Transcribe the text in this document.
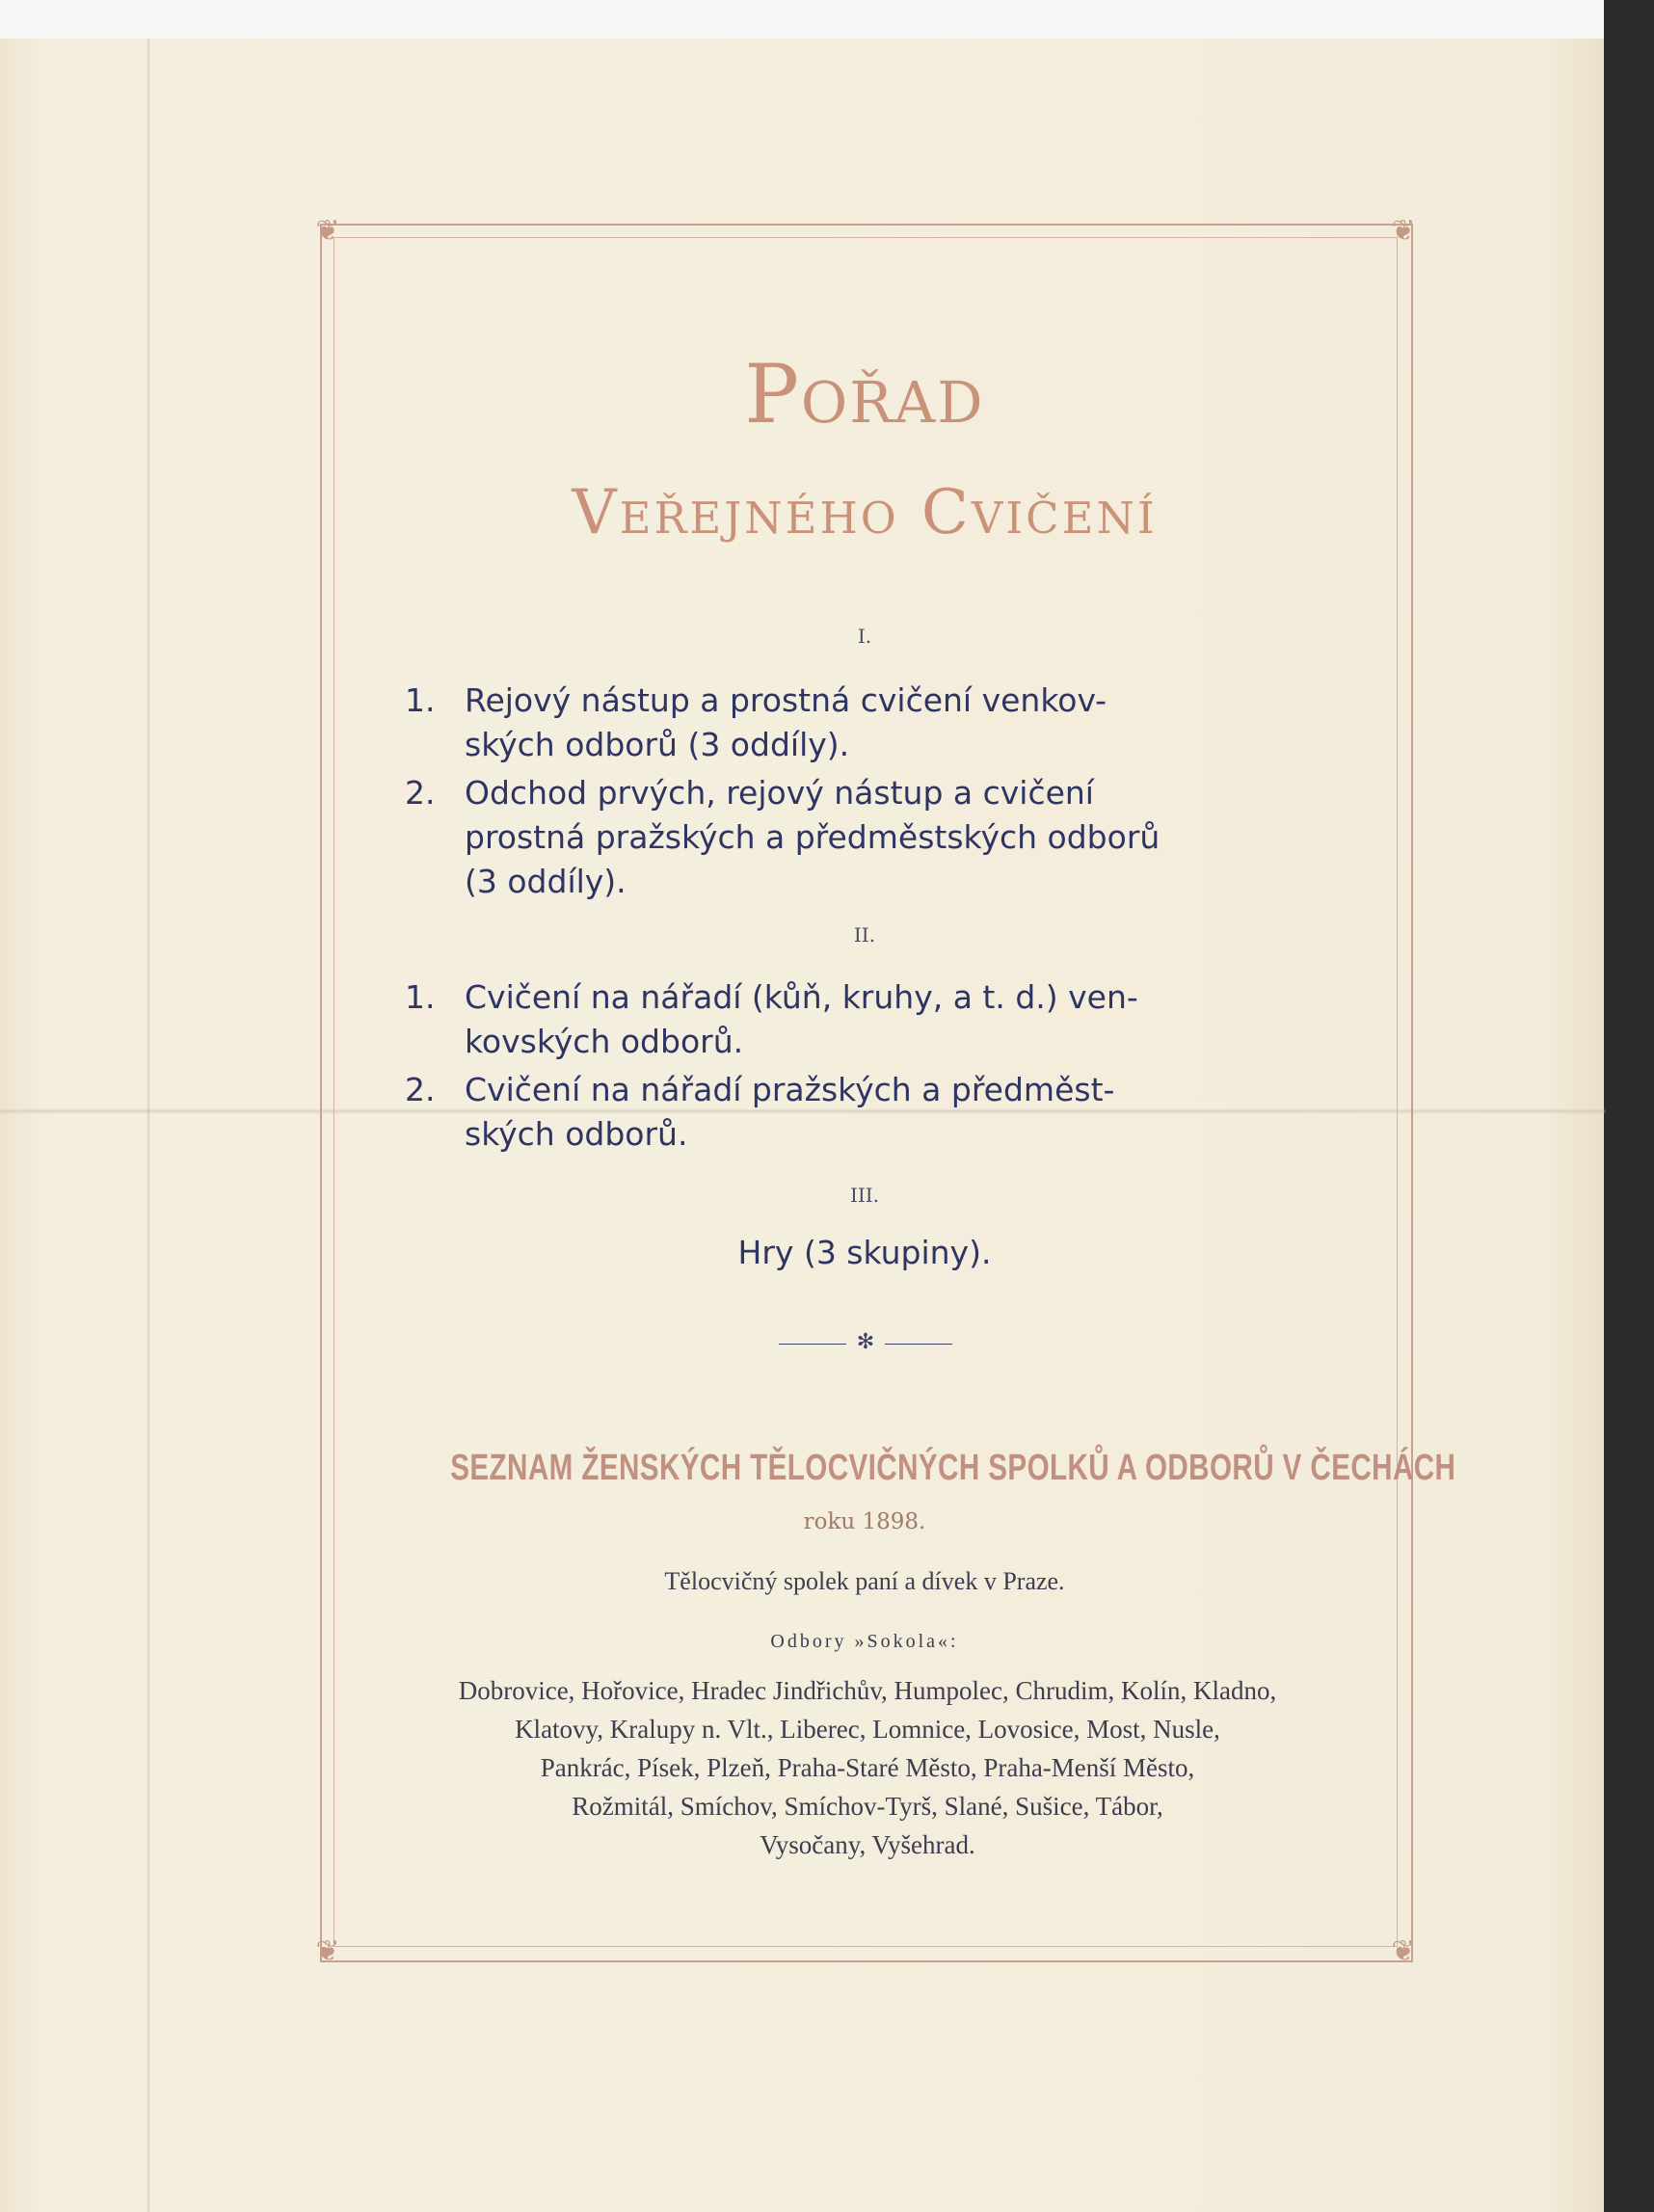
❦	❦
❦	❦
Pořad
Veřejného Cvičení
I.
1. Rejový nástup a prostná cvičení venkov-
ských odborů (3 oddíly).
2. Odchod prvých, rejový nástup a cvičení
prostná pražských a předměstských odborů
(3 oddíly).
II.
1. Cvičení na nářadí (kůň, kruhy, a t. d.) ven-
kovských odborů.
2. Cvičení na nářadí pražských a předměst-
ských odborů.
III.
Hry (3 skupiny).
✻
SEZNAM ŽENSKÝCH TĚLOCVIČNÝCH SPOLKŮ A ODBORŮ V ČECHÁCH
roku 1898.
Tělocvičný spolek paní a dívek v Praze.
Odbory »Sokola«:
Dobrovice, Hořovice, Hradec Jindřichův, Humpolec, Chrudim, Kolín, Kladno,
Klatovy, Kralupy n. Vlt., Liberec, Lomnice, Lovosice, Most, Nusle,
Pankrác, Písek, Plzeň, Praha-Staré Město, Praha-Menší Město,
Rožmitál, Smíchov, Smíchov-Tyrš, Slané, Sušice, Tábor,
Vysočany, Vyšehrad.
